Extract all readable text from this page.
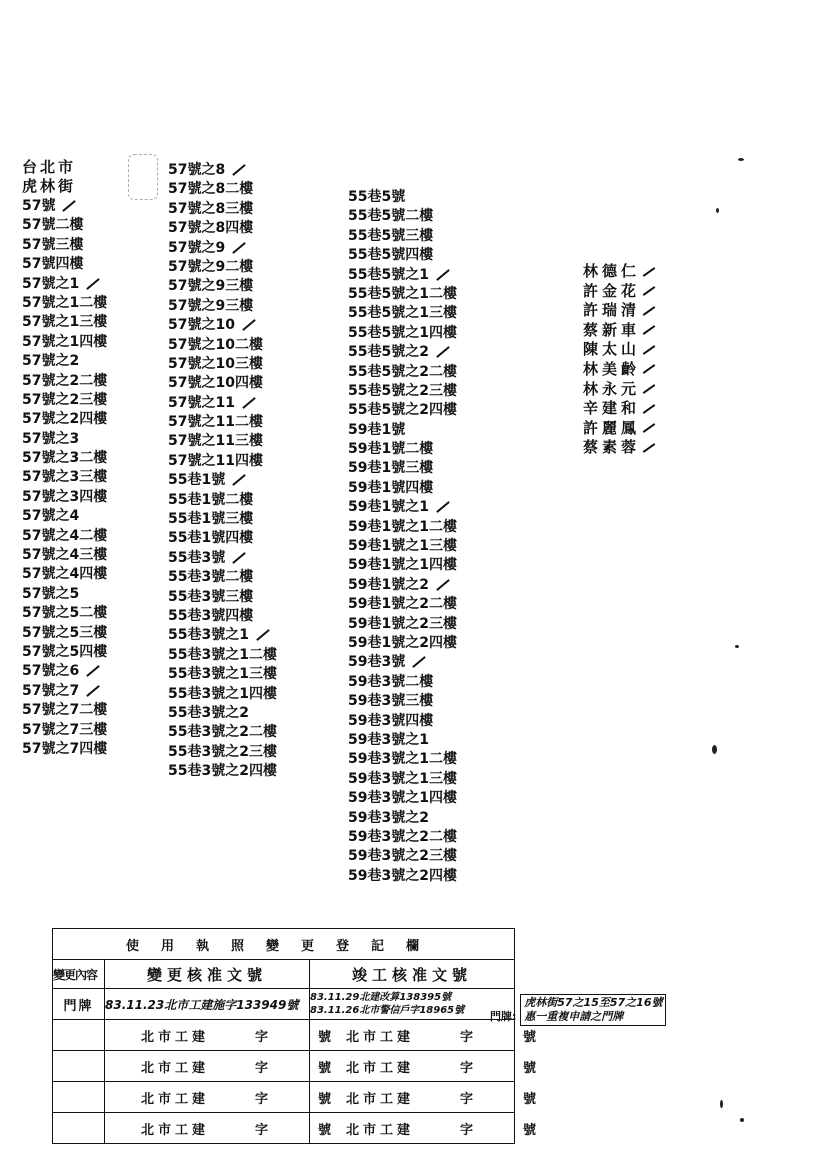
台北市
虎林街
57號
57號二樓
57號三樓
57號四樓
57號之1
57號之1二樓
57號之1三樓
57號之1四樓
57號之2
57號之2二樓
57號之2三樓
57號之2四樓
57號之3
57號之3二樓
57號之3三樓
57號之3四樓
57號之4
57號之4二樓
57號之4三樓
57號之4四樓
57號之5
57號之5二樓
57號之5三樓
57號之5四樓
57號之6
57號之7
57號之7二樓
57號之7三樓
57號之7四樓
57號之8
57號之8二樓
57號之8三樓
57號之8四樓
57號之9
57號之9二樓
57號之9三樓
57號之9三樓
57號之10
57號之10二樓
57號之10三樓
57號之10四樓
57號之11
57號之11二樓
57號之11三樓
57號之11四樓
55巷1號
55巷1號二樓
55巷1號三樓
55巷1號四樓
55巷3號
55巷3號二樓
55巷3號三樓
55巷3號四樓
55巷3號之1
55巷3號之1二樓
55巷3號之1三樓
55巷3號之1四樓
55巷3號之2
55巷3號之2二樓
55巷3號之2三樓
55巷3號之2四樓
55巷5號
55巷5號二樓
55巷5號三樓
55巷5號四樓
55巷5號之1
55巷5號之1二樓
55巷5號之1三樓
55巷5號之1四樓
55巷5號之2
55巷5號之2二樓
55巷5號之2三樓
55巷5號之2四樓
59巷1號
59巷1號二樓
59巷1號三樓
59巷1號四樓
59巷1號之1
59巷1號之1二樓
59巷1號之1三樓
59巷1號之1四樓
59巷1號之2
59巷1號之2二樓
59巷1號之2三樓
59巷1號之2四樓
59巷3號
59巷3號二樓
59巷3號三樓
59巷3號四樓
59巷3號之1
59巷3號之1二樓
59巷3號之1三樓
59巷3號之1四樓
59巷3號之2
59巷3號之2二樓
59巷3號之2三樓
59巷3號之2四樓
林德仁
許金花
許瑞清
蔡新車
陳太山
林美齡
林永元
辛建和
許麗鳳
蔡素蓉
使用執照變更登記欄		
變更內容	變更核准文號	竣工核准文號
門牌	83.11.23北市工建施字133949號	83.11.29北建改算138395號
83.11.26北市警信戶字18965號

	北市工建 字 號	北市工建 字 號
	北市工建 字 號	北市工建 字 號
	北市工建 字 號	北市工建 字 號
	北市工建 字 號	北市工建 字 號
門牌: 虎林街57之15至57之16號
惠一重複申請之門牌
